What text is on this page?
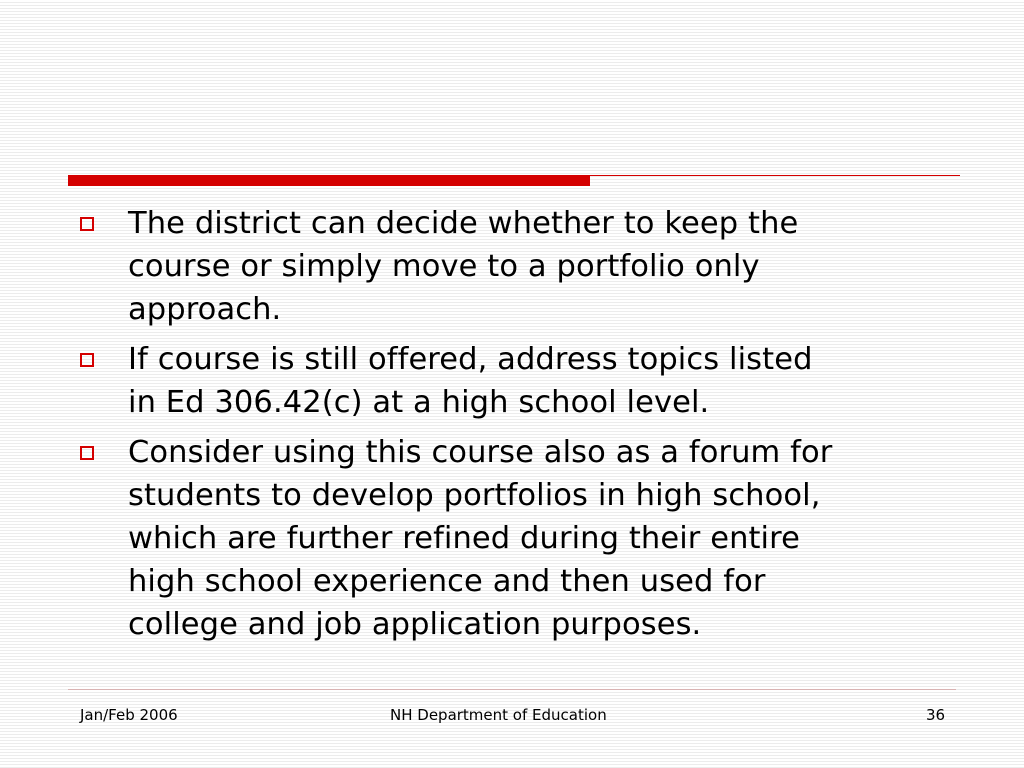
The district can decide whether to keep the
course or simply move to a portfolio only
approach.
If course is still offered, address topics listed
in Ed 306.42(c) at a high school level.
Consider using this course also as a forum for
students to develop portfolios in high school,
which are further refined during their entire
high school experience and then used for
college and job application purposes.
Jan/Feb 2006	NH Department of Education	36
